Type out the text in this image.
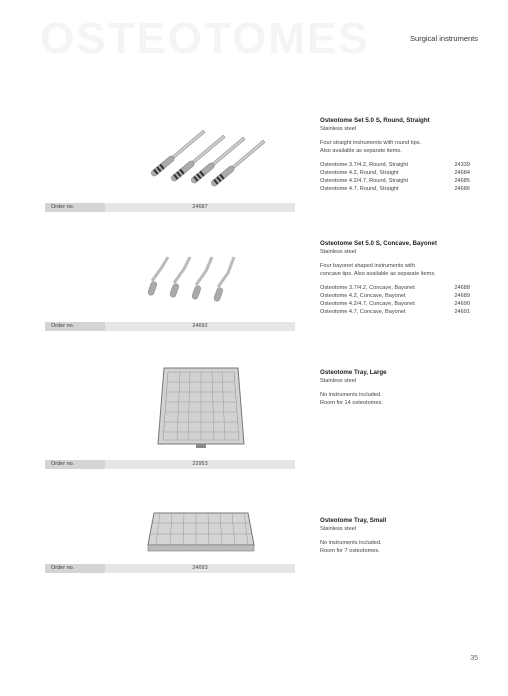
OSTEOTOMES	Surgical instruments
Order no.	24687

Osteotome Set 5.0 S, Round, Straight

Stainless steel

Four straight instruments with round tips.

Also available as separate items.

Osteotome 3.7/4.2, Round, Straight	24339
Osteotome 4.2, Round, Straight	24684
Osteotome 4.2/4.7, Round, Straight	24685
Osteotome 4.7, Round, Straight	24686
Order no.	24692

Osteotome Set 5.0 S, Concave, Bayonet

Stainless steel

Four bayonet shaped instruments with

concave tips. Also available as separate items.

Osteotome 3.7/4.2, Concave, Bayonet	24688
Osteotome 4.2, Concave, Bayonet	24689
Osteotome 4.2/4.7, Concave, Bayonet	24690
Osteotome 4.7, Concave, Bayonet	24691
Order no.	22953

Osteotome Tray, Large

Stainless steel

No instruments included.

Room for 14 osteotomes.

Order no.	24693

Osteotome Tray, Small

Stainless steel

No instruments included.

Room for 7 osteotomes.

35
